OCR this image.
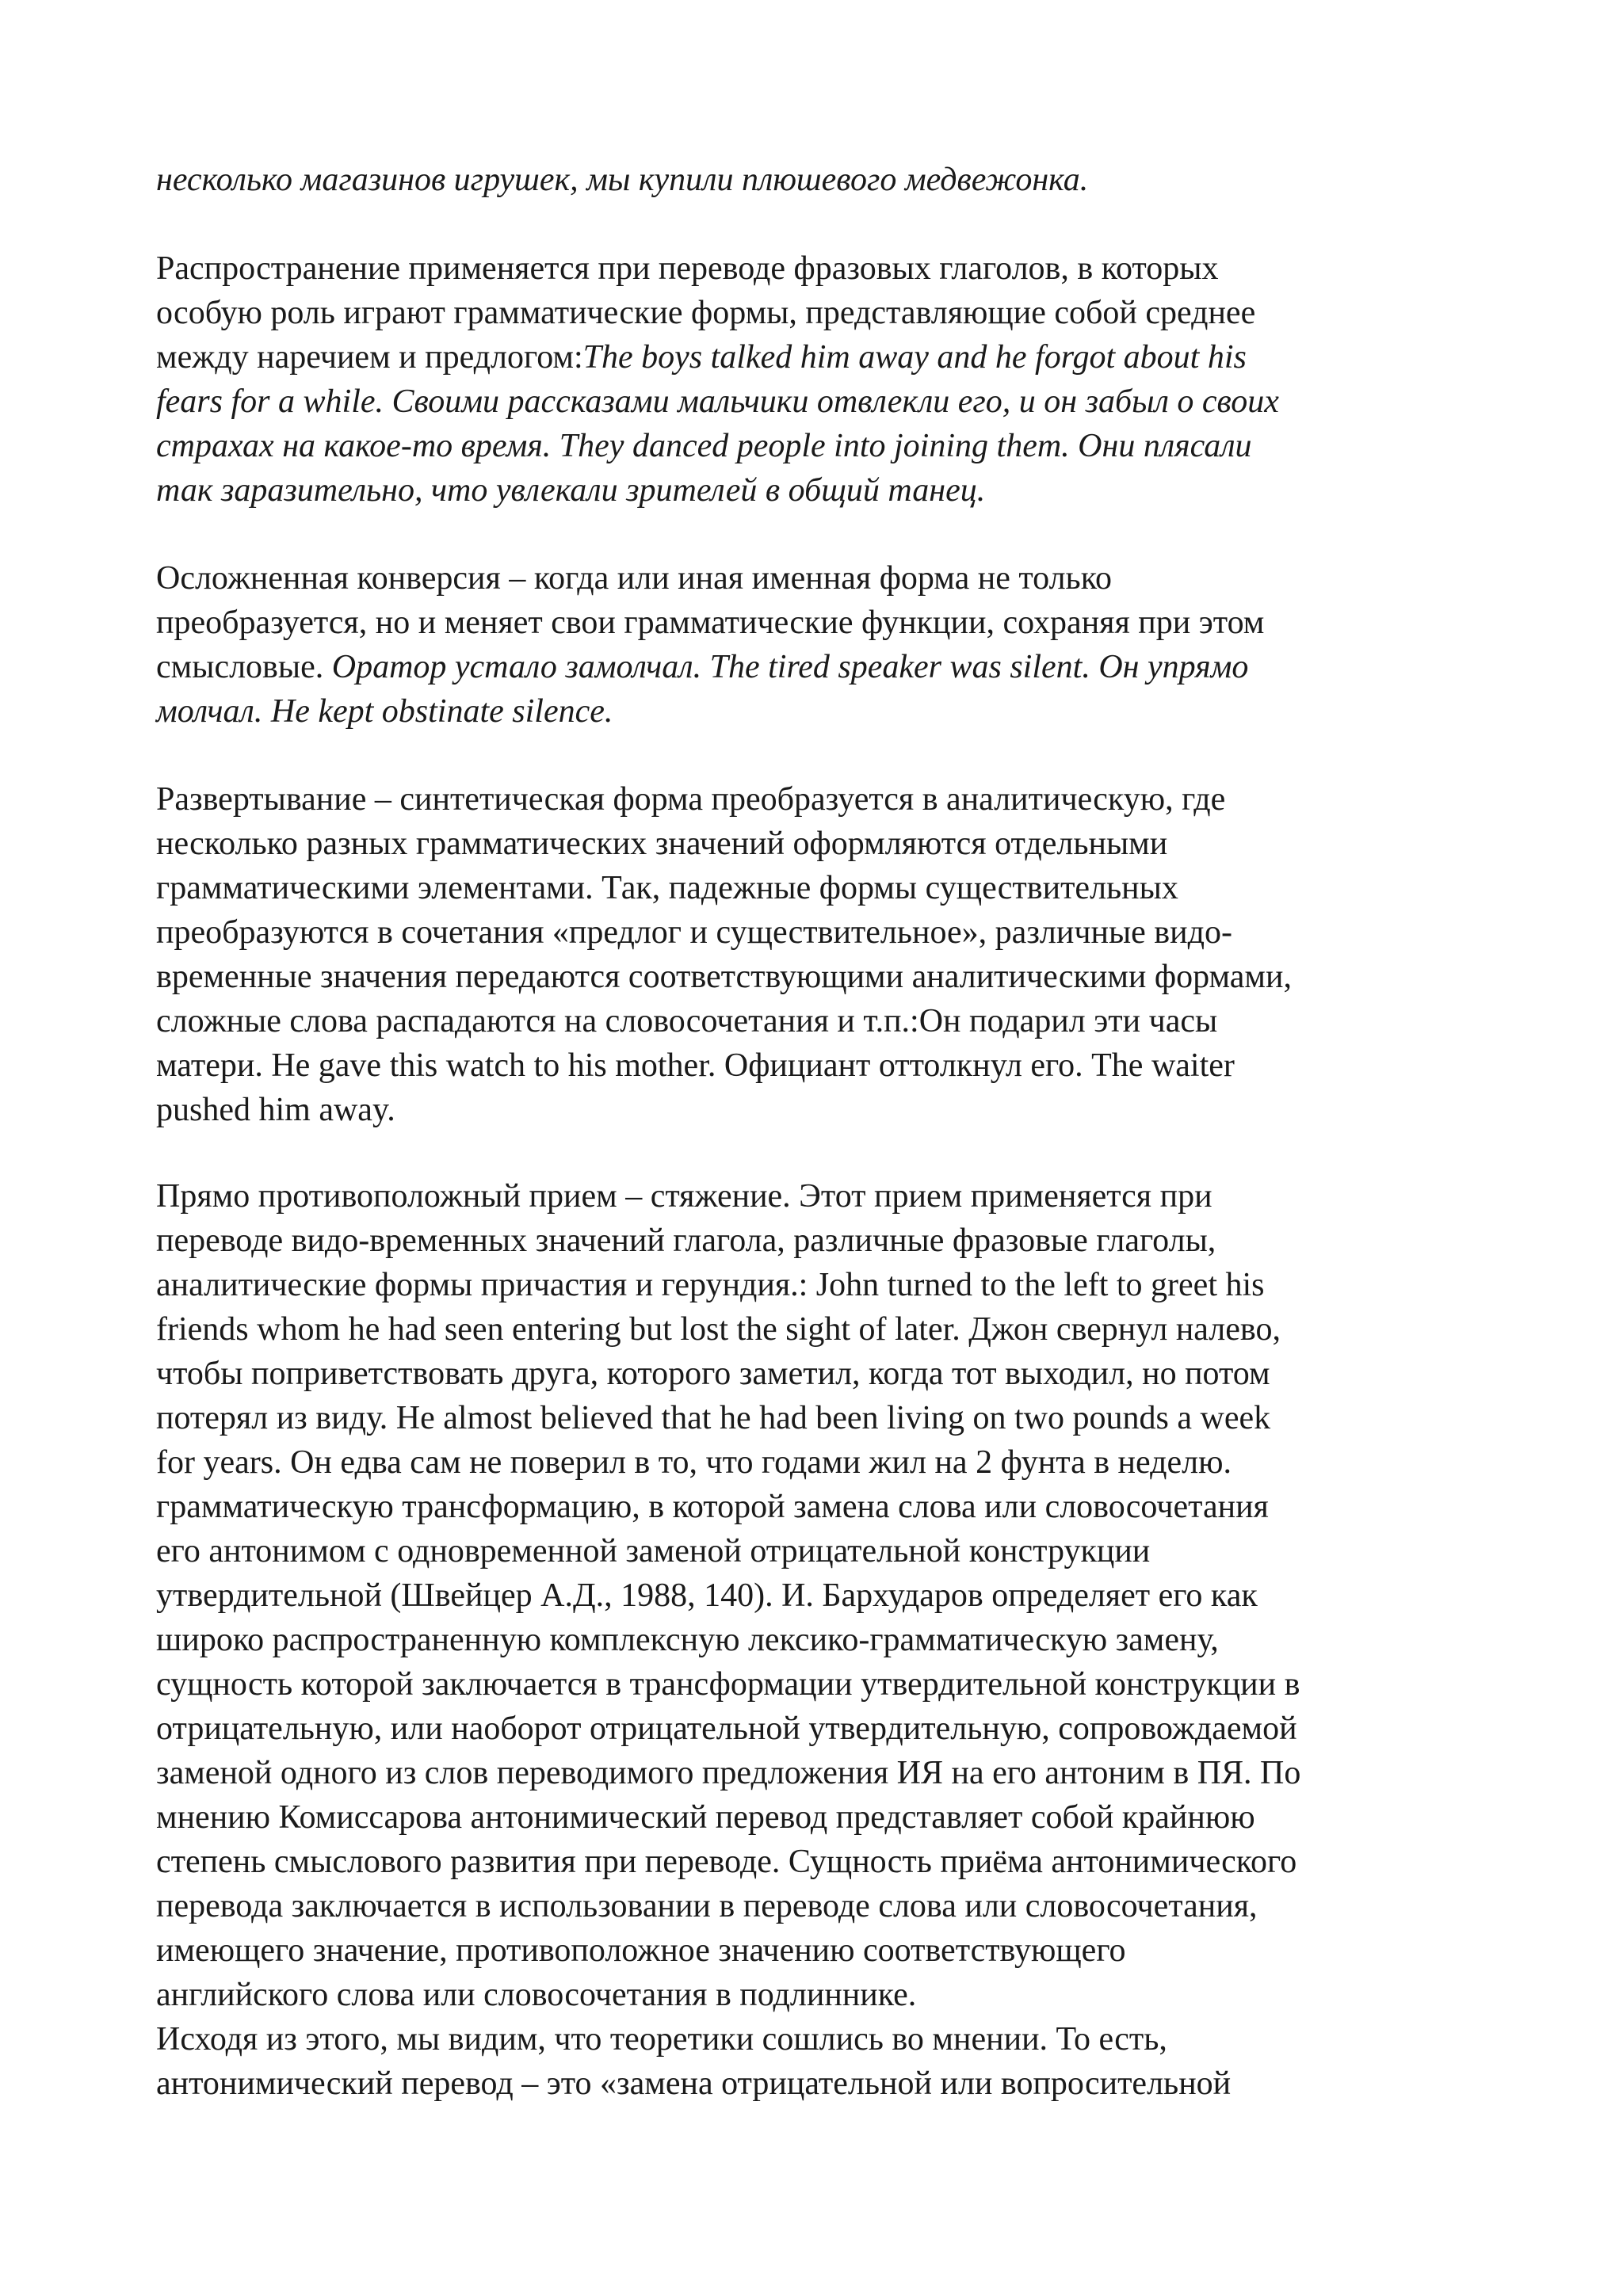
несколько магазинов игрушек, мы купили плюшевого медвежонка.
Распространение применяется при переводе фразовых глаголов, в которых
особую роль играют грамматические формы, представляющие собой среднее
между наречием и предлогом:The boys talked him away and he forgot about his
fears for a while. Своими рассказами мальчики отвлекли его, и он забыл о своих
страхах на какое-то время. They danced people into joining them. Они плясали
так заразительно, что увлекали зрителей в общий танец.
Осложненная конверсия – когда или иная именная форма не только
преобразуется, но и меняет свои грамматические функции, сохраняя при этом
смысловые. Оратор устало замолчал. The tired speaker was silent. Он упрямо
молчал. He kept obstinate silence.
Развертывание – синтетическая форма преобразуется в аналитическую, где
несколько разных грамматических значений оформляются отдельными
грамматическими элементами. Так, падежные формы существительных
преобразуются в сочетания «предлог и существительное», различные видо-
временные значения передаются соответствующими аналитическими формами,
сложные слова распадаются на словосочетания и т.п.:Он подарил эти часы
матери. He gave this watch to his mother. Официант оттолкнул его. The waiter
pushed him away.
Прямо противоположный прием – стяжение. Этот прием применяется при
переводе видо-временных значений глагола, различные фразовые глаголы,
аналитические формы причастия и герундия.: John turned to the left to greet his
friends whom he had seen entering but lost the sight of later. Джон свернул налево,
чтобы поприветствовать друга, которого заметил, когда тот выходил, но потом
потерял из виду. He almost believed that he had been living on two pounds a week
for years. Он едва сам не поверил в то, что годами жил на 2 фунта в неделю.
грамматическую трансформацию, в которой замена слова или словосочетания
его антонимом с одновременной заменой отрицательной конструкции
утвердительной (Швейцер А.Д., 1988, 140). И. Бархударов определяет его как
широко распространенную комплексную лексико-грамматическую замену,
сущность которой заключается в трансформации утвердительной конструкции в
отрицательную, или наоборот отрицательной утвердительную, сопровождаемой
заменой одного из слов переводимого предложения ИЯ на его антоним в ПЯ. По
мнению Комиссарова антонимический перевод представляет собой крайнюю
степень смыслового развития при переводе. Сущность приёма антонимического
перевода заключается в использовании в переводе слова или словосочетания,
имеющего значение, противоположное значению соответствующего
английского слова или словосочетания в подлиннике.
Исходя из этого, мы видим, что теоретики сошлись во мнении. То есть,
антонимический перевод – это «замена отрицательной или вопросительной
